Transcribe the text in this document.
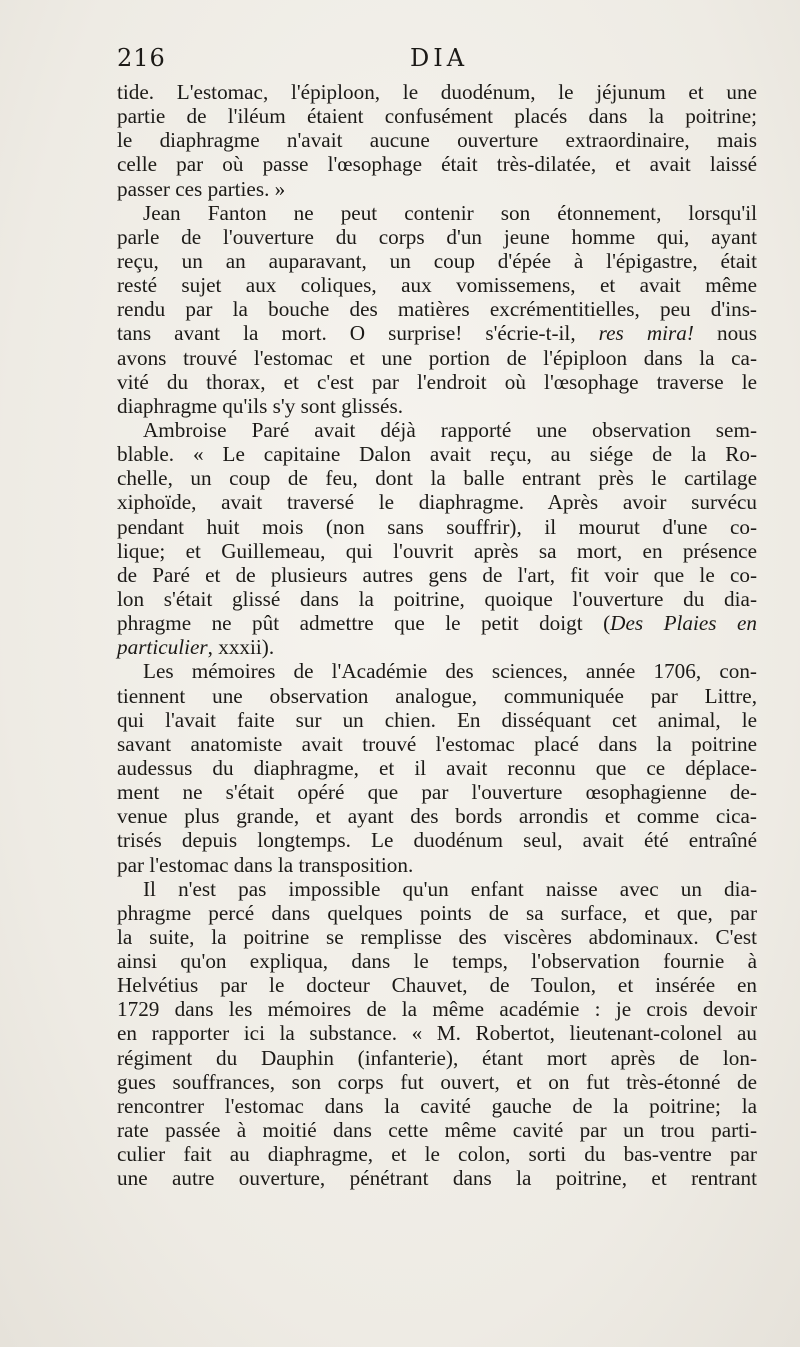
216	DIA
tide. L'estomac, l'épiploon, le duodénum, le jéjunum et une
partie de l'iléum étaient confusément placés dans la poitrine;
le diaphragme n'avait aucune ouverture extraordinaire, mais
celle par où passe l'œsophage était très-dilatée, et avait laissé
passer ces parties. »
Jean Fanton ne peut contenir son étonnement, lorsqu'il
parle de l'ouverture du corps d'un jeune homme qui, ayant
reçu, un an auparavant, un coup d'épée à l'épigastre, était
resté sujet aux coliques, aux vomissemens, et avait même
rendu par la bouche des matières excrémentitielles, peu d'ins-
tans avant la mort. O surprise! s'écrie-t-il, res mira! nous
avons trouvé l'estomac et une portion de l'épiploon dans la ca-
vité du thorax, et c'est par l'endroit où l'œsophage traverse le
diaphragme qu'ils s'y sont glissés.
Ambroise Paré avait déjà rapporté une observation sem-
blable. « Le capitaine Dalon avait reçu, au siége de la Ro-
chelle, un coup de feu, dont la balle entrant près le cartilage
xiphoïde, avait traversé le diaphragme. Après avoir survécu
pendant huit mois (non sans souffrir), il mourut d'une co-
lique; et Guillemeau, qui l'ouvrit après sa mort, en présence
de Paré et de plusieurs autres gens de l'art, fit voir que le co-
lon s'était glissé dans la poitrine, quoique l'ouverture du dia-
phragme ne pût admettre que le petit doigt (Des Plaies en
particulier, xxxii).
Les mémoires de l'Académie des sciences, année 1706, con-
tiennent une observation analogue, communiquée par Littre,
qui l'avait faite sur un chien. En disséquant cet animal, le
savant anatomiste avait trouvé l'estomac placé dans la poitrine
audessus du diaphragme, et il avait reconnu que ce déplace-
ment ne s'était opéré que par l'ouverture œsophagienne de-
venue plus grande, et ayant des bords arrondis et comme cica-
trisés depuis longtemps. Le duodénum seul, avait été entraîné
par l'estomac dans la transposition.
Il n'est pas impossible qu'un enfant naisse avec un dia-
phragme percé dans quelques points de sa surface, et que, par
la suite, la poitrine se remplisse des viscères abdominaux. C'est
ainsi qu'on expliqua, dans le temps, l'observation fournie à
Helvétius par le docteur Chauvet, de Toulon, et insérée en
1729 dans les mémoires de la même académie : je crois devoir
en rapporter ici la substance. « M. Robertot, lieutenant-colonel au
régiment du Dauphin (infanterie), étant mort après de lon-
gues souffrances, son corps fut ouvert, et on fut très-étonné de
rencontrer l'estomac dans la cavité gauche de la poitrine; la
rate passée à moitié dans cette même cavité par un trou parti-
culier fait au diaphragme, et le colon, sorti du bas-ventre par
une autre ouverture, pénétrant dans la poitrine, et rentrant
